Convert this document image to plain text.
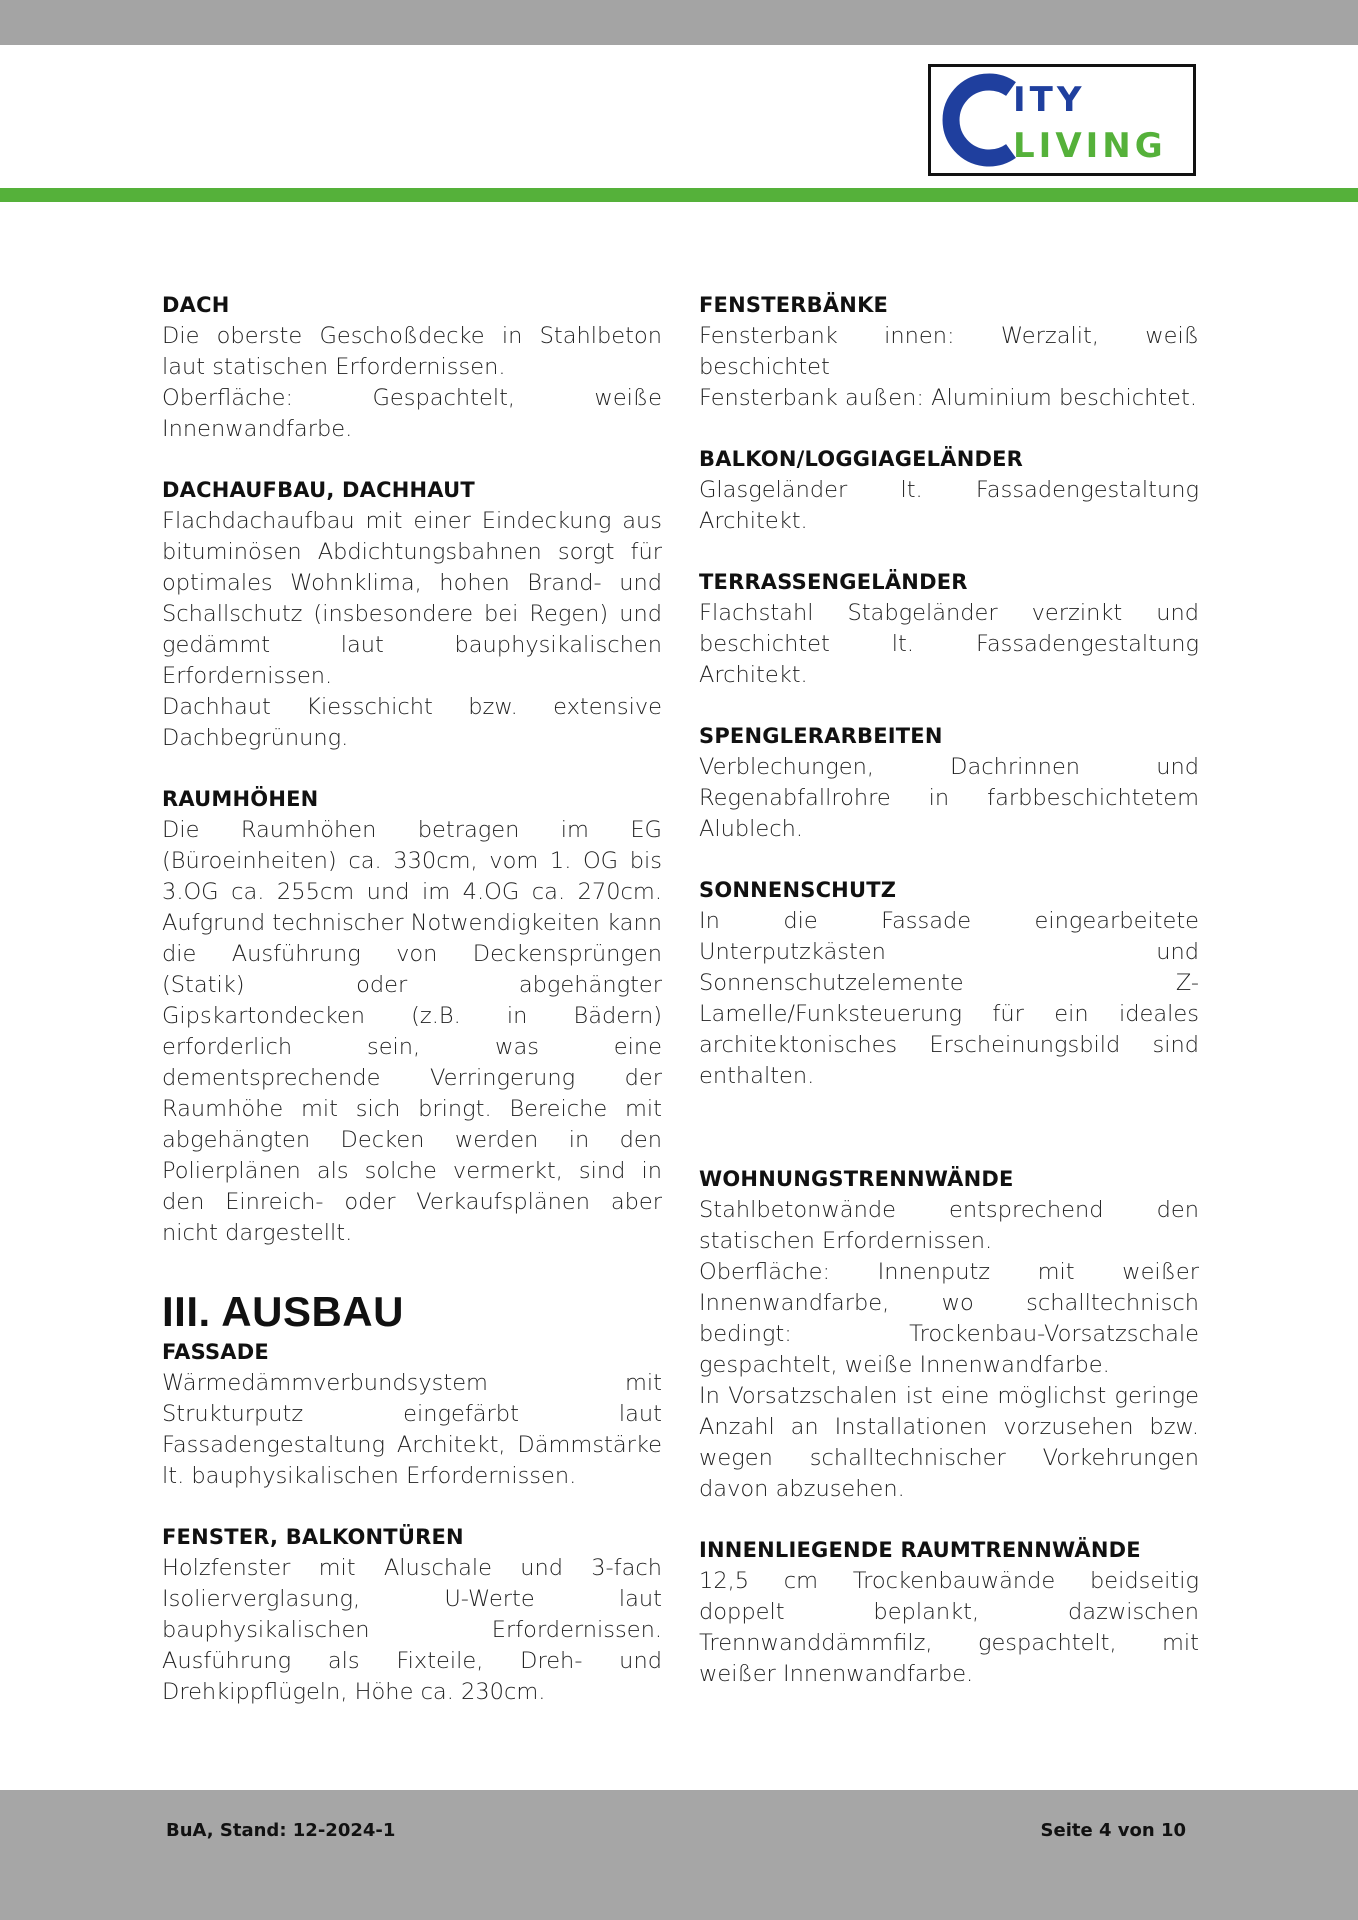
ITY
LIVING

DACH

Die oberste Geschoßdecke in Stahlbeton laut statischen Erfordernissen.

Oberfläche: Gespachtelt, weiße Innenwandfarbe.

DACHAUFBAU, DACHHAUT

Flachdachaufbau mit einer Eindeckung aus bituminösen Abdichtungsbahnen sorgt für optimales Wohnklima, hohen Brand- und Schallschutz (insbesondere bei Regen) und gedämmt laut bauphysikalischen Erfordernissen.

Dachhaut Kiesschicht bzw. extensive Dachbegrünung.

RAUMHÖHEN

Die Raumhöhen betragen im EG (Büroeinheiten) ca. 330cm, vom 1. OG bis 3.OG ca. 255cm und im 4.OG ca. 270cm. Aufgrund technischer Notwendigkeiten kann die Ausführung von Deckensprüngen (Statik) oder abgehängter Gipskartondecken (z.B. in Bädern) erforderlich sein, was eine dementsprechende Verringerung der Raumhöhe mit sich bringt. Bereiche mit abgehängten Decken werden in den Polierplänen als solche vermerkt, sind in den Einreich- oder Verkaufsplänen aber nicht dargestellt.

III. AUSBAU

FASSADE

Wärmedämmverbundsystem mit Strukturputz eingefärbt laut Fassadengestaltung Architekt, Dämmstärke lt. bauphysikalischen Erfordernissen.

FENSTER, BALKONTÜREN

Holzfenster mit Aluschale und 3-fach Isolierverglasung, U-Werte laut bauphysikalischen Erfordernissen. Ausführung als Fixteile, Dreh- und Drehkippflügeln, Höhe ca. 230cm.

FENSTERBÄNKE

Fensterbank innen: Werzalit, weiß beschichtet

Fensterbank außen: Aluminium beschichtet.

BALKON/LOGGIAGELÄNDER

Glasgeländer lt. Fassadengestaltung Architekt.

TERRASSENGELÄNDER

Flachstahl Stabgeländer verzinkt und beschichtet lt. Fassadengestaltung Architekt.

SPENGLERARBEITEN

Verblechungen, Dachrinnen und Regenabfallrohre in farbbeschichtetem Alublech.

SONNENSCHUTZ

In die Fassade eingearbeitete Unterputzkästen und Sonnenschutzelemente Z-Lamelle/Funksteuerung für ein ideales architektonisches Erscheinungsbild sind enthalten.

WOHNUNGSTRENNWÄNDE

Stahlbetonwände entsprechend den statischen Erfordernissen.

Oberfläche: Innenputz mit weißer Innenwandfarbe, wo schalltechnisch bedingt: Trockenbau-Vorsatzschale gespachtelt, weiße Innenwandfarbe.

In Vorsatzschalen ist eine möglichst geringe Anzahl an Installationen vorzusehen bzw. wegen schalltechnischer Vorkehrungen davon abzusehen.

INNENLIEGENDE RAUMTRENNWÄNDE

12,5 cm Trockenbauwände beidseitig doppelt beplankt, dazwischen Trennwanddämmfilz, gespachtelt, mit weißer Innenwandfarbe.

BuA, Stand: 12-2024-1	Seite 4 von 10
